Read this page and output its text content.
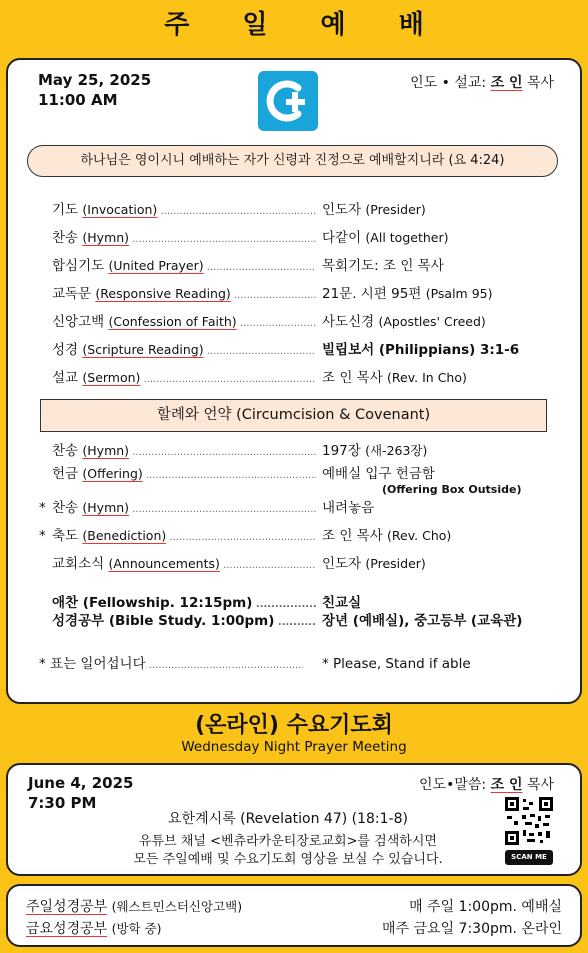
주 일 예 배
May 25, 2025
11:00 AM
인도 • 설교: 조 인 목사
하나님은 영이시니 예배하는 자가 신령과 진정으로 예배할지니라 (요 4:24)
기도 (Invocation) .....	인도자 (Presider)
찬송 (Hymn) .....	다같이 (All together)
합심기도 (United Prayer) .....	목회기도: 조 인 목사
교독문 (Responsive Reading) .....	21문. 시편 95편 (Psalm 95)
신앙고백 (Confession of Faith) .....	사도신경 (Apostles' Creed)
성경 (Scripture Reading) .....	빌립보서 (Philippians) 3:1-6
설교 (Sermon) .....	조 인 목사 (Rev. In Cho)
할례와 언약 (Circumcision & Covenant)
찬송 (Hymn) .....	197장 (새-263장)
헌금 (Offering) .....	예배실 입구 헌금함
(Offering Box Outside)
* 찬송 (Hymn) .....	내려놓음
* 축도 (Benediction) .....	조 인 목사 (Rev. Cho)
교회소식 (Announcements) .....	인도자 (Presider)
애찬 (Fellowship. 12:15pm) .....	친교실
성경공부 (Bible Study. 1:00pm) .....	장년 (예배실), 중고등부 (교육관)
* 표는 일어섭니다 .....	* Please, Stand if able
(온라인) 수요기도회
Wednesday Night Prayer Meeting
June 4, 2025
7:30 PM
인도•말씀: 조 인 목사
요한계시록 (Revelation 47) (18:1-8)
유튜브 채널 <벤츄라카운티장로교회>를 검색하시면
모든 주일예배 및 수요기도회 영상을 보실 수 있습니다.	SCAN ME
주일성경공부 (웨스트민스터신앙고백)	매 주일 1:00pm. 예배실
금요성경공부 (방학 중)	매주 금요일 7:30pm. 온라인
